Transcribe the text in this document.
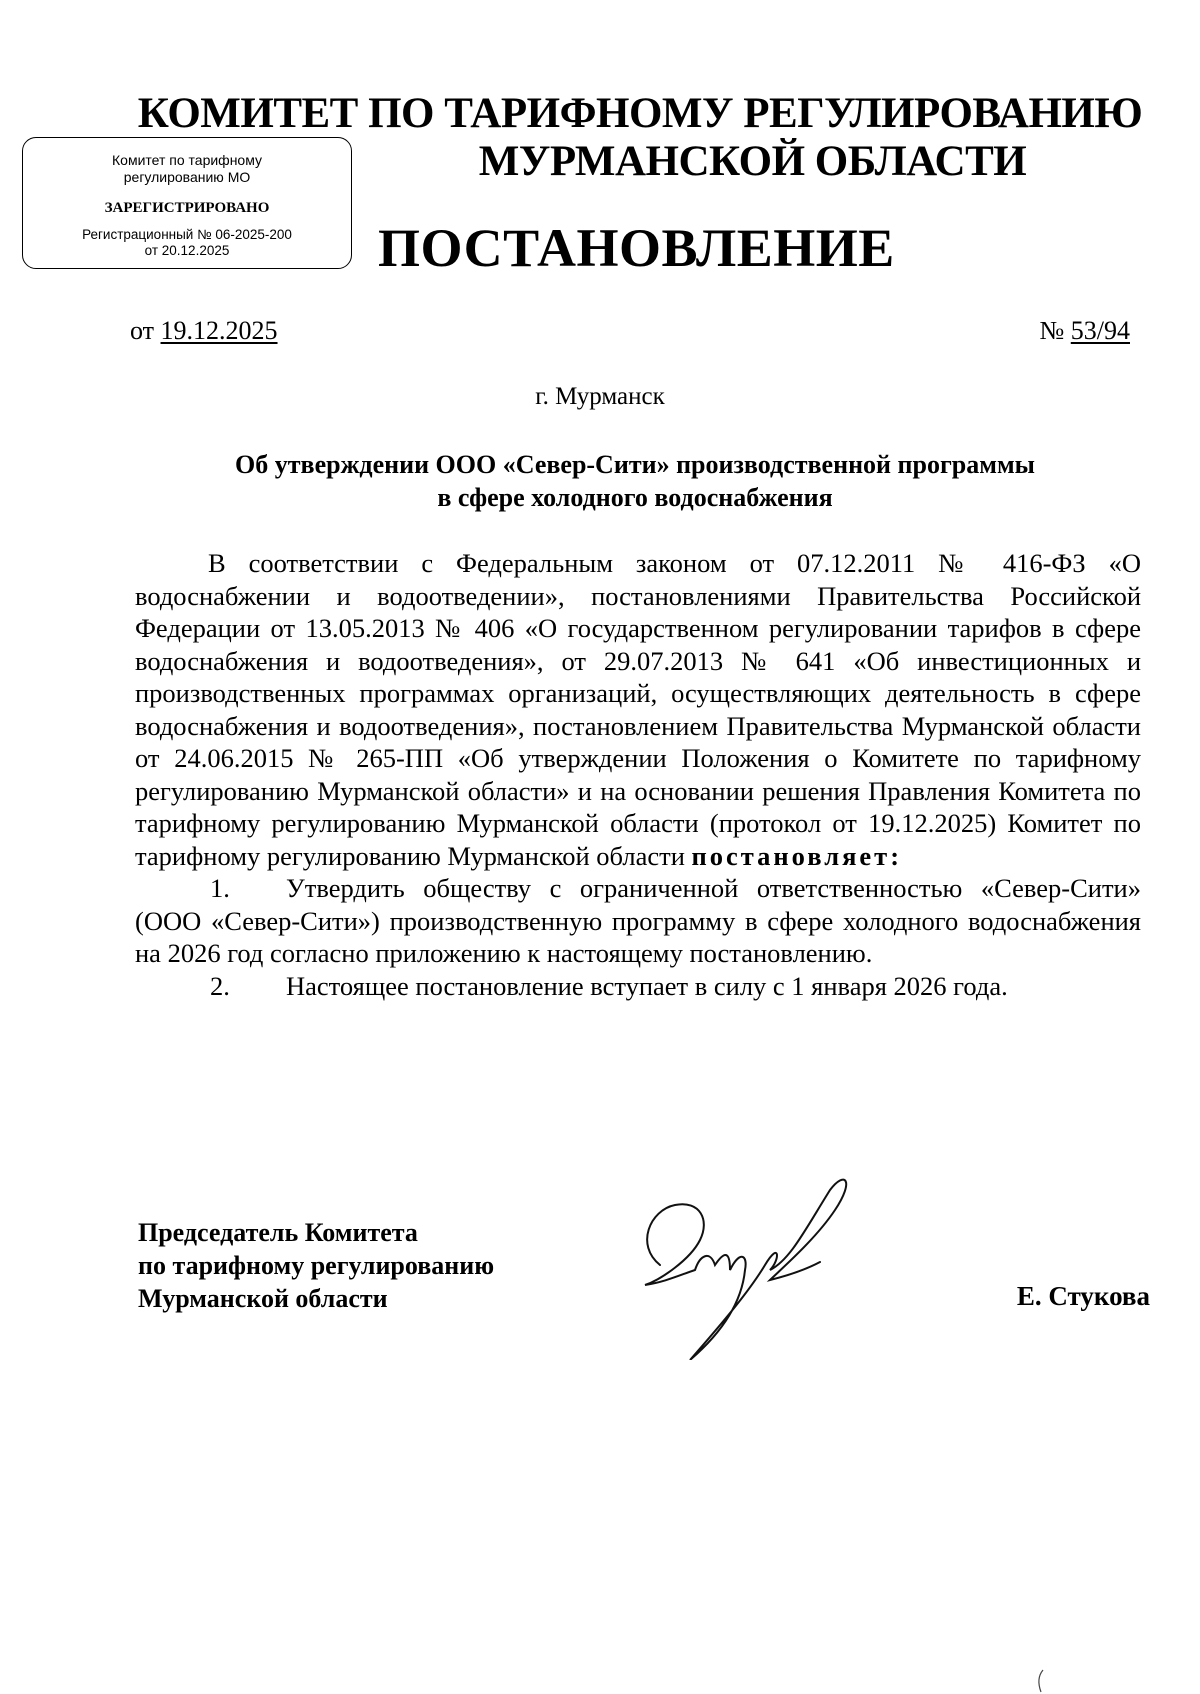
КОМИТЕТ ПО ТАРИФНОМУ РЕГУЛИРОВАНИЮ
МУРМАНСКОЙ ОБЛАСТИ
Комитет по тарифному
регулированию МО
ЗАРЕГИСТРИРОВАНО
Регистрационный № 06-2025-200
от 20.12.2025	ПОСТАНОВЛЕНИЕ
от 19.12.2025	№ 53/94
г. Мурманск
Об утверждении ООО «Север-Сити» производственной программы
в сфере холодного водоснабжения

В соответствии с Федеральным законом от 07.12.2011 № 416-ФЗ «О водоснабжении и водоотведении», постановлениями Правительства Российской Федерации от 13.05.2013 № 406 «О государственном регулировании тарифов в сфере водоснабжения и водоотведения», от 29.07.2013 № 641 «Об инвестиционных и производственных программах организаций, осуществляющих деятельность в сфере водоснабжения и водоотведения», постановлением Правительства Мурманской области от 24.06.2015 № 265-ПП «Об утверждении Положения о Комитете по тарифному регулированию Мурманской области» и на основании решения Правления Комитета по тарифному регулированию Мурманской области (протокол от 19.12.2025) Комитет по тарифному регулированию Мурманской области постановляет:

1. Утвердить обществу с ограниченной ответственностью «Север-Сити» (ООО «Север-Сити») производственную программу в сфере холодного водоснабжения на 2026 год согласно приложению к настоящему постановлению.

2. Настоящее постановление вступает в силу с 1 января 2026 года.

Председатель Комитета
по тарифному регулированию
Мурманской области	Е. Стукова
